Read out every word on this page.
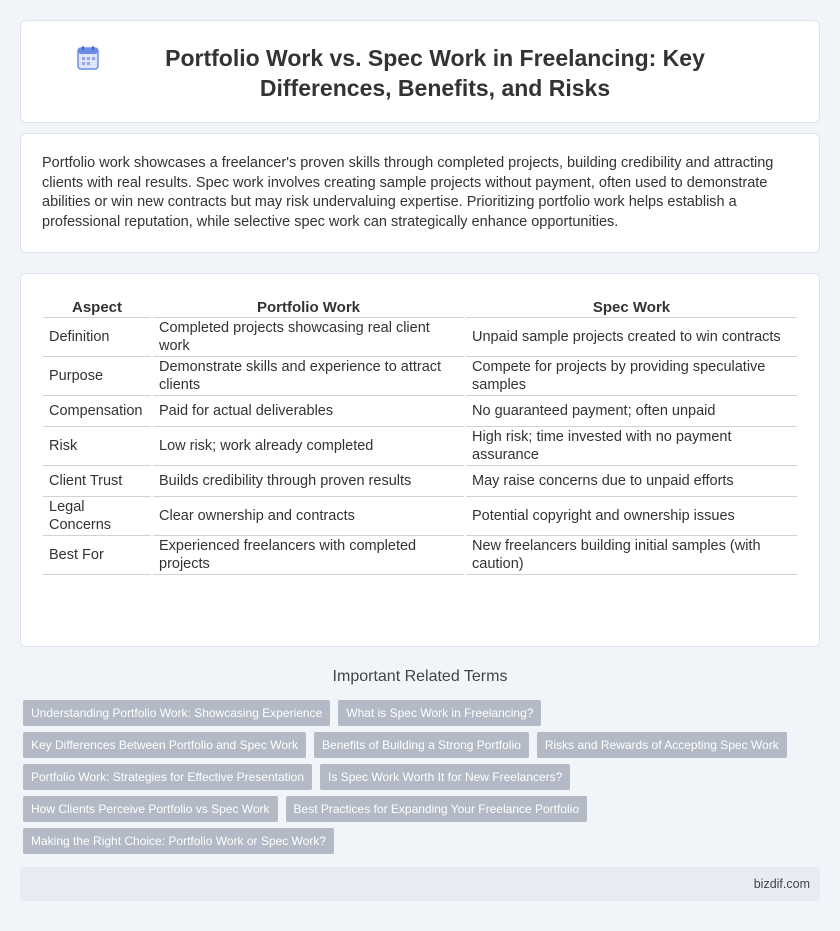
Portfolio Work vs. Spec Work in Freelancing: Key Differences, Benefits, and Risks

Portfolio work showcases a freelancer's proven skills through completed projects, building credibility and attracting clients with real results. Spec work involves creating sample projects without payment, often used to demonstrate abilities or win new contracts but may risk undervaluing expertise. Prioritizing portfolio work helps establish a professional reputation, while selective spec work can strategically enhance opportunities.

Aspect	Portfolio Work	Spec Work
Definition	Completed projects showcasing real client work	Unpaid sample projects created to win contracts
Purpose	Demonstrate skills and experience to attract clients	Compete for projects by providing speculative samples
Compensation	Paid for actual deliverables	No guaranteed payment; often unpaid
Risk	Low risk; work already completed	High risk; time invested with no payment assurance
Client Trust	Builds credibility through proven results	May raise concerns due to unpaid efforts
Legal Concerns	Clear ownership and contracts	Potential copyright and ownership issues
Best For	Experienced freelancers with completed projects	New freelancers building initial samples (with caution)
Important Related Terms
Understanding Portfolio Work: Showcasing Experience	What is Spec Work in Freelancing?
Key Differences Between Portfolio and Spec Work	Benefits of Building a Strong Portfolio	Risks and Rewards of Accepting Spec Work
Portfolio Work: Strategies for Effective Presentation	Is Spec Work Worth It for New Freelancers?
How Clients Perceive Portfolio vs Spec Work	Best Practices for Expanding Your Freelance Portfolio
Making the Right Choice: Portfolio Work or Spec Work?
bizdif.com
